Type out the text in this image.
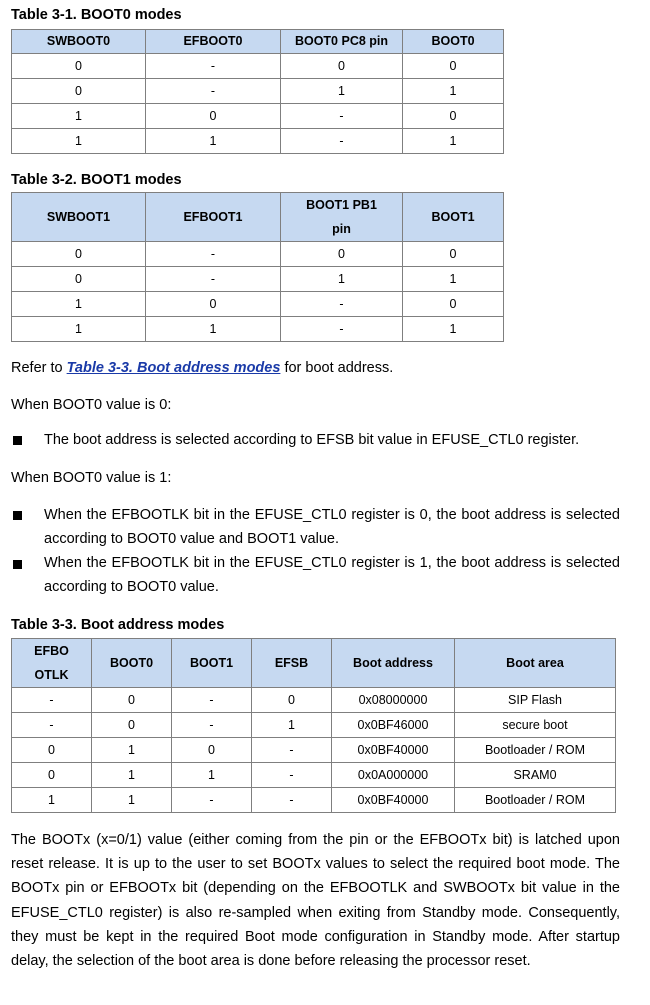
Table 3-1. BOOT0 modes
SWBOOT0	EFBOOT0	BOOT0 PC8 pin	BOOT0
0	-	0	0
0	-	1	1
1	0	-	0
1	1	-	1
Table 3-2. BOOT1 modes
SWBOOT1	EFBOOT1	BOOT1 PB1 pin	BOOT1
0	-	0	0
0	-	1	1
1	0	-	0
1	1	-	1
Refer to Table 3-3. Boot address modes for boot address.
When BOOT0 value is 0:
The boot address is selected according to EFSB bit value in EFUSE_CTL0 register.
When BOOT0 value is 1:
When the EFBOOTLK bit in the EFUSE_CTL0 register is 0, the boot address is selected according to BOOT0 value and BOOT1 value.
When the EFBOOTLK bit in the EFUSE_CTL0 register is 1, the boot address is selected according to BOOT0 value.
Table 3-3. Boot address modes
EFBOOTLK	BOOT0	BOOT1	EFSB	Boot address	Boot area
-	0	-	0	0x08000000	SIP Flash
-	0	-	1	0x0BF46000	secure boot
0	1	0	-	0x0BF40000	Bootloader / ROM
0	1	1	-	0x0A000000	SRAM0
1	1	-	-	0x0BF40000	Bootloader / ROM
The BOOTx (x=0/1) value (either coming from the pin or the EFBOOTx bit) is latched upon reset release. It is up to the user to set BOOTx values to select the required boot mode. The BOOTx pin or EFBOOTx bit (depending on the EFBOOTLK and SWBOOTx bit value in the EFUSE_CTL0 register) is also re-sampled when exiting from Standby mode. Consequently, they must be kept in the required Boot mode configuration in Standby mode. After startup delay, the selection of the boot area is done before releasing the processor reset.
